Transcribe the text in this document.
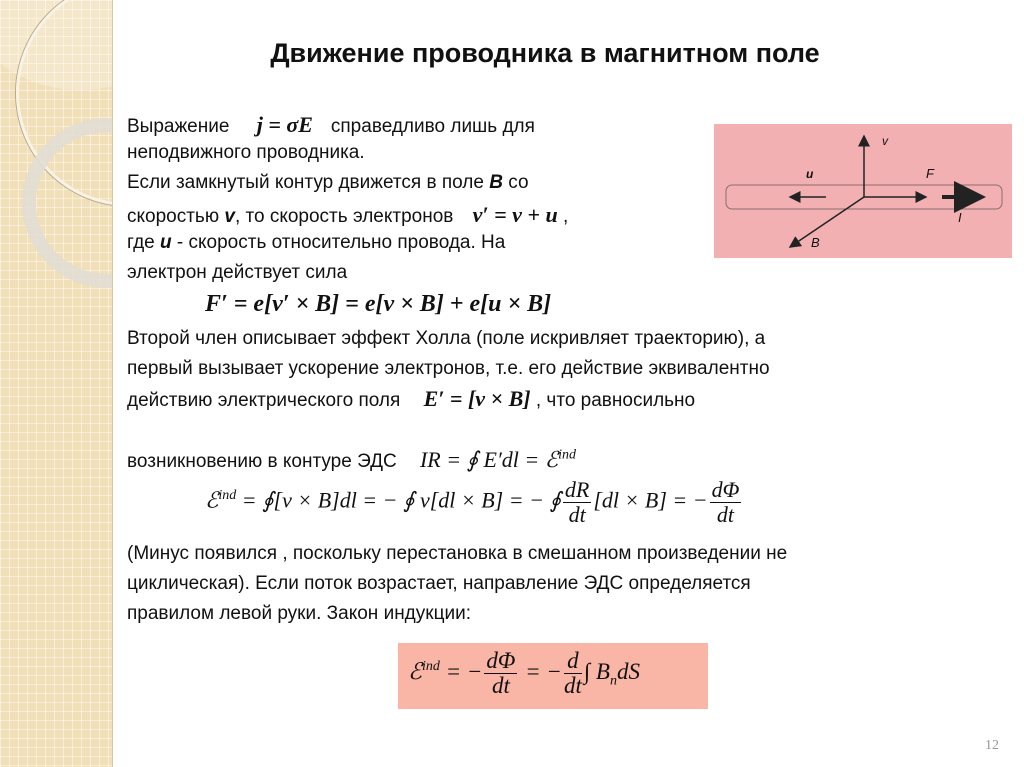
Движение проводника в магнитном поле
Выражение j = σE справедливо лишь для
неподвижного проводника.
Если замкнутый контур движется в поле B со
скоростью v, то скорость электронов v′ = v + u ,
где u - скорость относительно провода. На
электрон действует сила
F′ = e[v′ × B] = e[v × B] + e[u × B]
Второй член описывает эффект Холла (поле искривляет траекторию), а
первый вызывает ускорение электронов, т.е. его действие эквивалентно
действию электрического поля E′ = [v × B] , что равносильно
возникновению в контуре ЭДС IR = ∮ E′dl = ℰ$^{ind}$
ℰ$^{ind}$ = ∮[v × B]dl = − ∮ v[dl × B] = − ∮ $\frac{dR}{dt} [dl \times B]$ = − $\frac{d\Phi}{dt}$
(Минус появился , поскольку перестановка в смешанном произведении не
циклическая). Если поток возрастает, направление ЭДС определяется
правилом левой руки. Закон индукции:
ℰ$^{ind}$ = − $\frac{d\Phi}{dt}$ = − $\frac{d}{dt}$ ∫ $B_ndS$
v
u	F
I
B
12
